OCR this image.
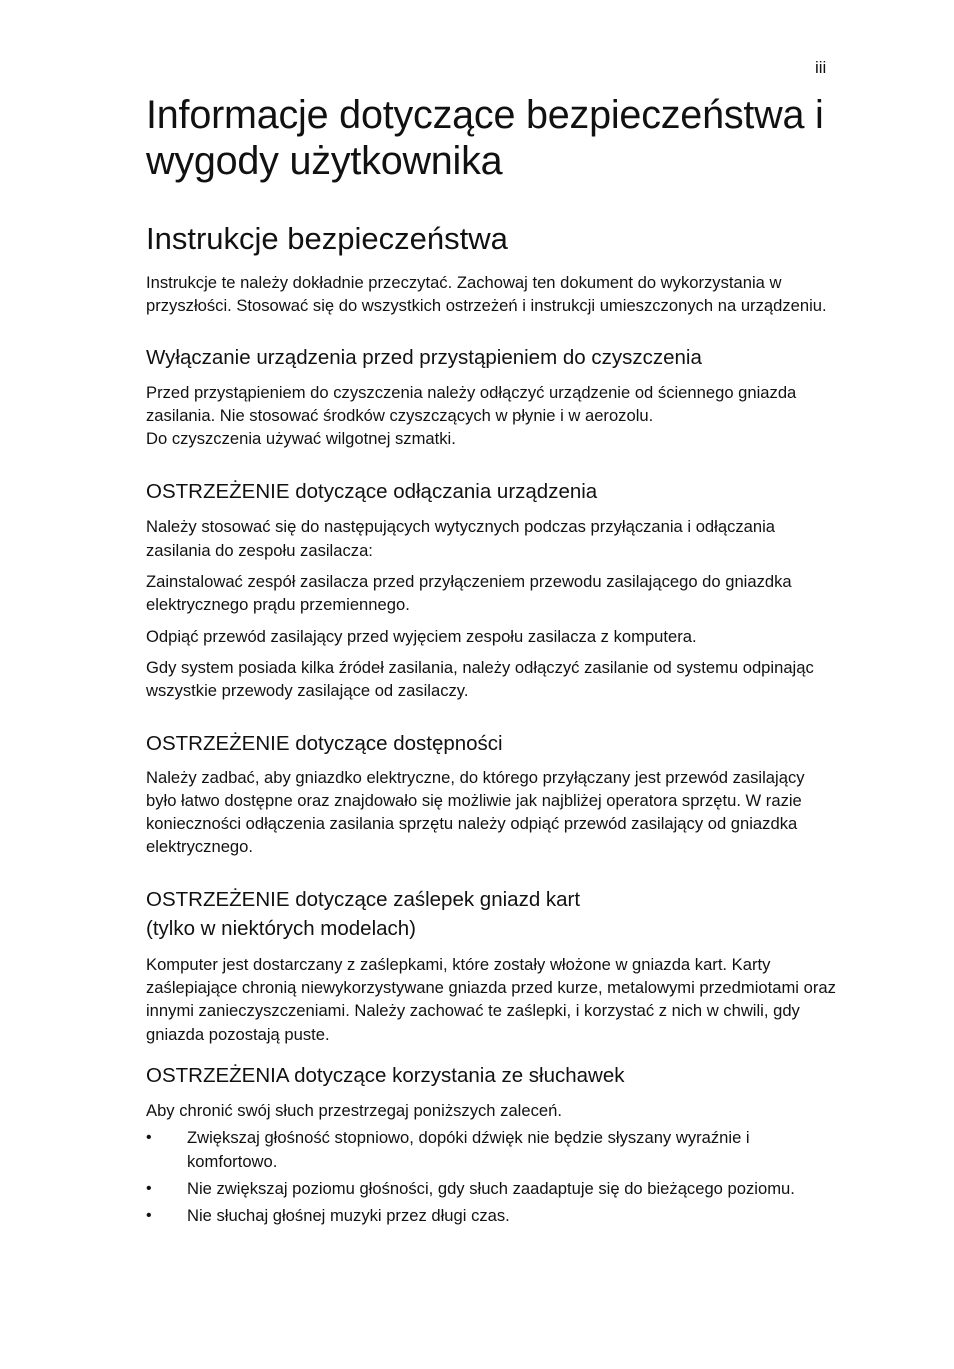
iii
Informacje dotyczące bezpieczeństwa i wygody użytkownika
Instrukcje bezpieczeństwa

Instrukcje te należy dokładnie przeczytać. Zachowaj ten dokument do wykorzystania w przyszłości. Stosować się do wszystkich ostrzeżeń i instrukcji umieszczonych na urządzeniu.

Wyłączanie urządzenia przed przystąpieniem do czyszczenia

Przed przystąpieniem do czyszczenia należy odłączyć urządzenie od ściennego gniazda zasilania. Nie stosować środków czyszczących w płynie i w aerozolu.

Do czyszczenia używać wilgotnej szmatki.

OSTRZEŻENIE dotyczące odłączania urządzenia

Należy stosować się do następujących wytycznych podczas przyłączania i odłączania zasilania do zespołu zasilacza:

Zainstalować zespół zasilacza przed przyłączeniem przewodu zasilającego do gniazdka elektrycznego prądu przemiennego.

Odpiąć przewód zasilający przed wyjęciem zespołu zasilacza z komputera.

Gdy system posiada kilka źródeł zasilania, należy odłączyć zasilanie od systemu odpinając wszystkie przewody zasilające od zasilaczy.

OSTRZEŻENIE dotyczące dostępności

Należy zadbać, aby gniazdko elektryczne, do którego przyłączany jest przewód zasilający było łatwo dostępne oraz znajdowało się możliwie jak najbliżej operatora sprzętu. W razie konieczności odłączenia zasilania sprzętu należy odpiąć przewód zasilający od gniazdka elektrycznego.

OSTRZEŻENIE dotyczące zaślepek gniazd kart
(tylko w niektórych modelach)

Komputer jest dostarczany z zaślepkami, które zostały włożone w gniazda kart. Karty zaślepiające chronią niewykorzystywane gniazda przed kurze, metalowymi przedmiotami oraz innymi zanieczyszczeniami. Należy zachować te zaślepki, i korzystać z nich w chwili, gdy gniazda pozostają puste.

OSTRZEŻENIA dotyczące korzystania ze słuchawek

Aby chronić swój słuch przestrzegaj poniższych zaleceń.

• Zwiększaj głośność stopniowo, dopóki dźwięk nie będzie słyszany wyraźnie i komfortowo.
• Nie zwiększaj poziomu głośności, gdy słuch zaadaptuje się do bieżącego poziomu.
• Nie słuchaj głośnej muzyki przez długi czas.
